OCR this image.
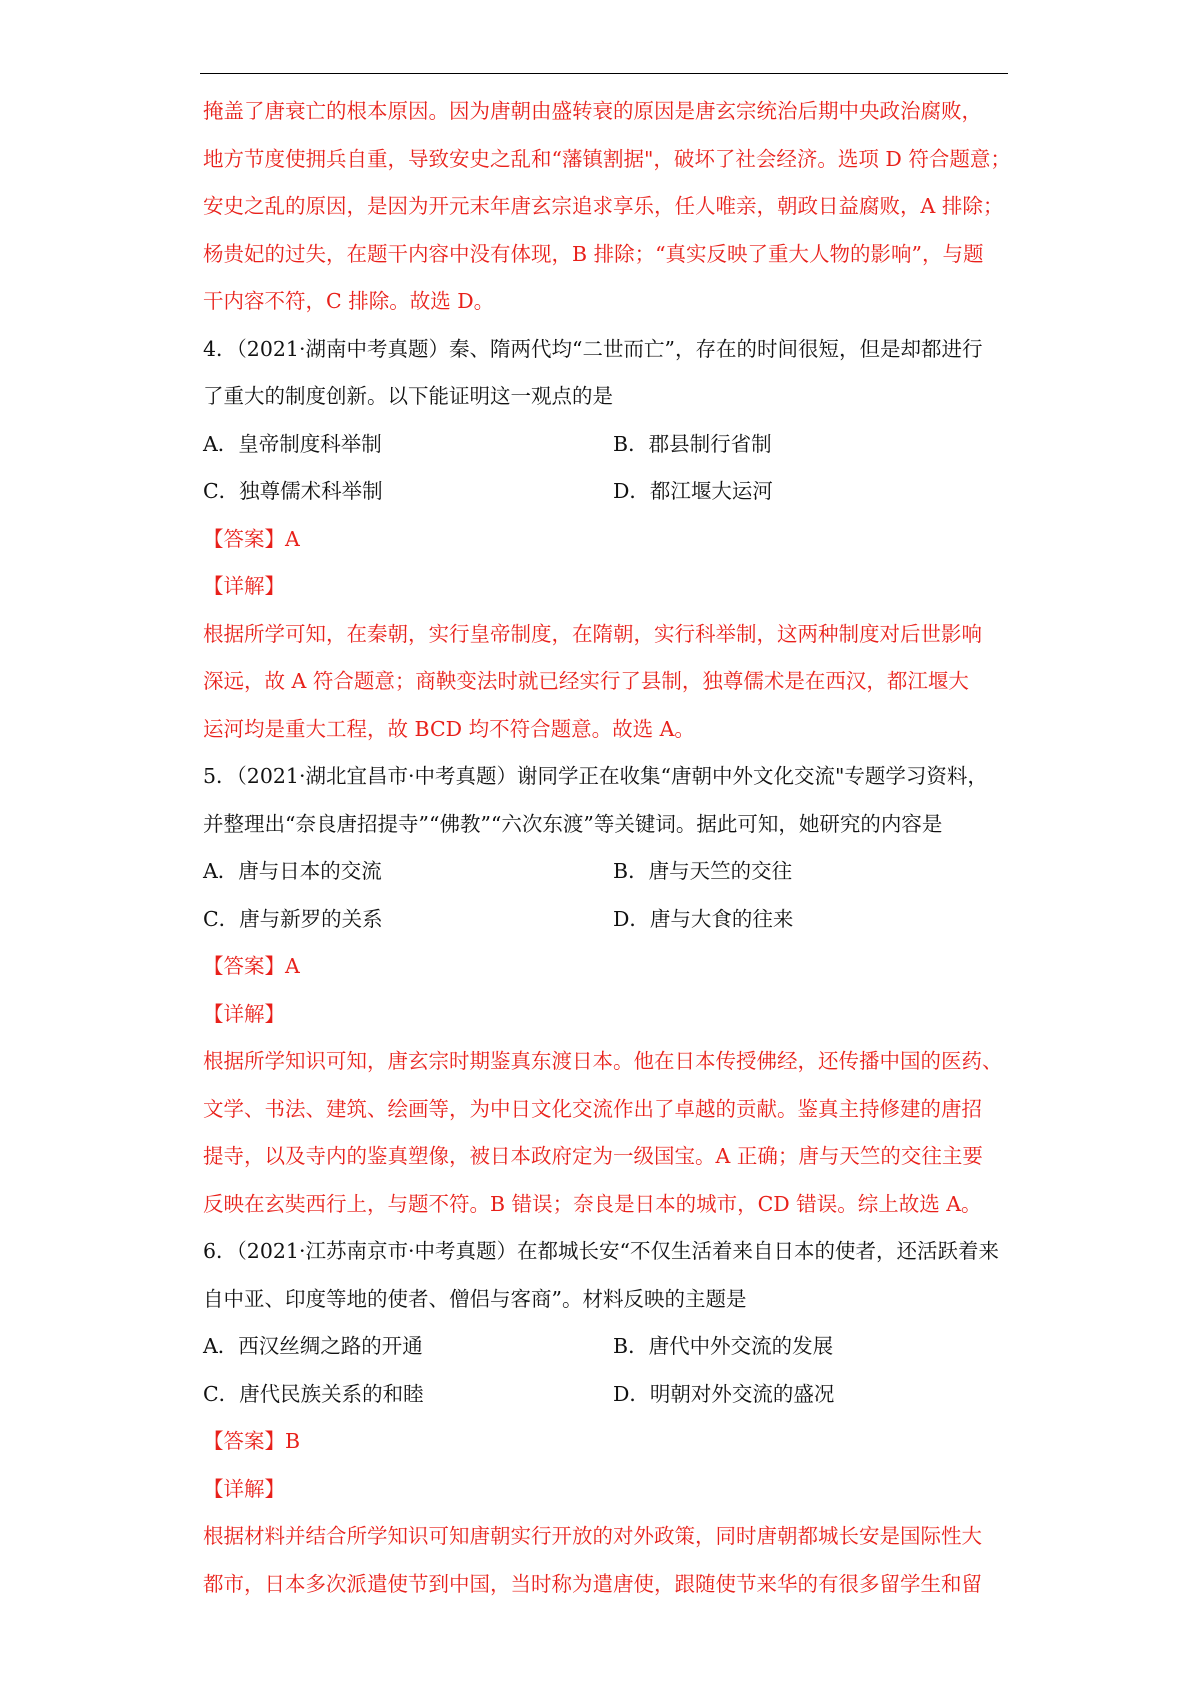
掩盖了唐衰亡的根本原因。因为唐朝由盛转衰的原因是唐玄宗统治后期中央政治腐败，
地方节度使拥兵自重，导致安史之乱和“藩镇割据"，破坏了社会经济。选项 D 符合题意；
安史之乱的原因，是因为开元末年唐玄宗追求享乐，任人唯亲，朝政日益腐败，A 排除；
杨贵妃的过失，在题干内容中没有体现，B 排除；“真实反映了重大人物的影响”，与题
干内容不符，C 排除。故选 D。
4．（2021·湖南中考真题）秦、隋两代均“二世而亡”，存在的时间很短，但是却都进行
了重大的制度创新。以下能证明这一观点的是
A．皇帝制度科举制	B．郡县制行省制
C．独尊儒术科举制	D．都江堰大运河
【答案】A
【详解】
根据所学可知，在秦朝，实行皇帝制度，在隋朝，实行科举制，这两种制度对后世影响
深远，故 A 符合题意；商鞅变法时就已经实行了县制，独尊儒术是在西汉，都江堰大
运河均是重大工程，故 BCD 均不符合题意。故选 A。
5．（2021·湖北宜昌市·中考真题）谢同学正在收集“唐朝中外文化交流"专题学习资料，
并整理出“奈良唐招提寺”“佛教”“六次东渡”等关键词。据此可知，她研究的内容是
A．唐与日本的交流	B．唐与天竺的交往
C．唐与新罗的关系	D．唐与大食的往来
【答案】A
【详解】
根据所学知识可知，唐玄宗时期鉴真东渡日本。他在日本传授佛经，还传播中国的医药、
文学、书法、建筑、绘画等，为中日文化交流作出了卓越的贡献。鉴真主持修建的唐招
提寺，以及寺内的鉴真塑像，被日本政府定为一级国宝。A 正确；唐与天竺的交往主要
反映在玄奘西行上，与题不符。B 错误；奈良是日本的城市，CD 错误。综上故选 A。
6．（2021·江苏南京市·中考真题）在都城长安“不仅生活着来自日本的使者，还活跃着来
自中亚、印度等地的使者、僧侣与客商”。材料反映的主题是
A．西汉丝绸之路的开通	B．唐代中外交流的发展
C．唐代民族关系的和睦	D．明朝对外交流的盛况
【答案】B
【详解】
根据材料并结合所学知识可知唐朝实行开放的对外政策，同时唐朝都城长安是国际性大
都市，日本多次派遣使节到中国，当时称为遣唐使，跟随使节来华的有很多留学生和留
